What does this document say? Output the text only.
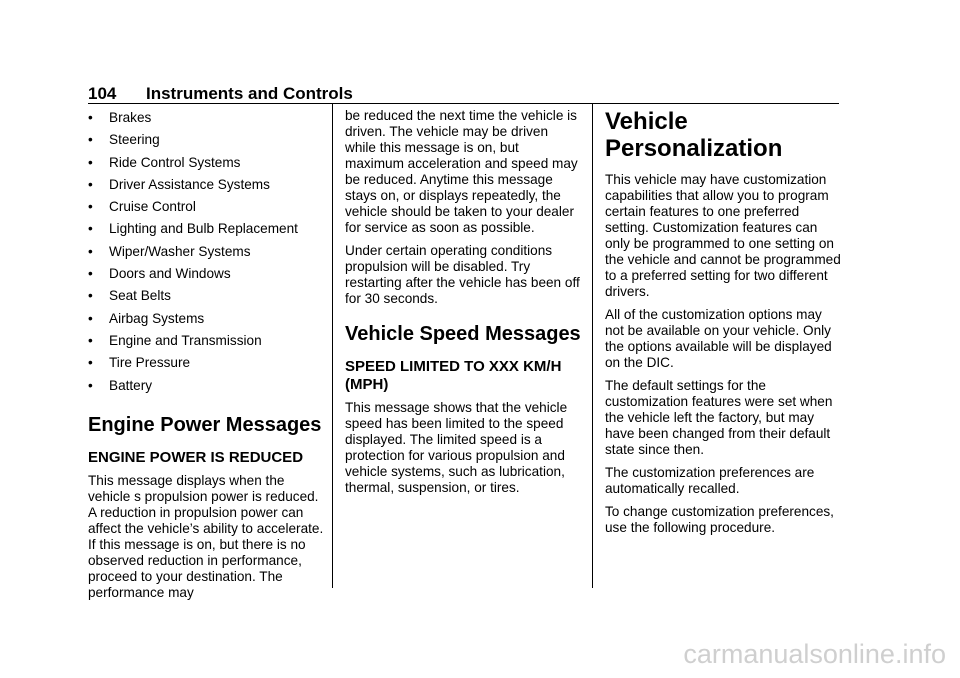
104 Instruments and Controls
• Brakes
• Steering
• Ride Control Systems
• Driver Assistance Systems
• Cruise Control
• Lighting and Bulb Replacement
• Wiper/Washer Systems
• Doors and Windows
• Seat Belts
• Airbag Systems
• Engine and Transmission
• Tire Pressure
• Battery
Engine Power Messages
ENGINE POWER IS REDUCED

This message displays when the vehicle s propulsion power is reduced. A reduction in propulsion power can affect the vehicle’s ability to accelerate. If this message is on, but there is no observed reduction in performance, proceed to your destination. The performance may

be reduced the next time the vehicle is driven. The vehicle may be driven while this message is on, but maximum acceleration and speed may be reduced. Anytime this message stays on, or displays repeatedly, the vehicle should be taken to your dealer for service as soon as possible.

Under certain operating conditions propulsion will be disabled. Try restarting after the vehicle has been off for 30 seconds.

Vehicle Speed Messages
SPEED LIMITED TO XXX KM/H (MPH)

This message shows that the vehicle speed has been limited to the speed displayed. The limited speed is a protection for various propulsion and vehicle systems, such as lubrication, thermal, suspension, or tires.

Vehicle Personalization

This vehicle may have customization capabilities that allow you to program certain features to one preferred setting. Customization features can only be programmed to one setting on the vehicle and cannot be programmed to a preferred setting for two different drivers.

All of the customization options may not be available on your vehicle. Only the options available will be displayed on the DIC.

The default settings for the customization features were set when the vehicle left the factory, but may have been changed from their default state since then.

The customization preferences are automatically recalled.

To change customization preferences, use the following procedure.

carmanualsonline.info
